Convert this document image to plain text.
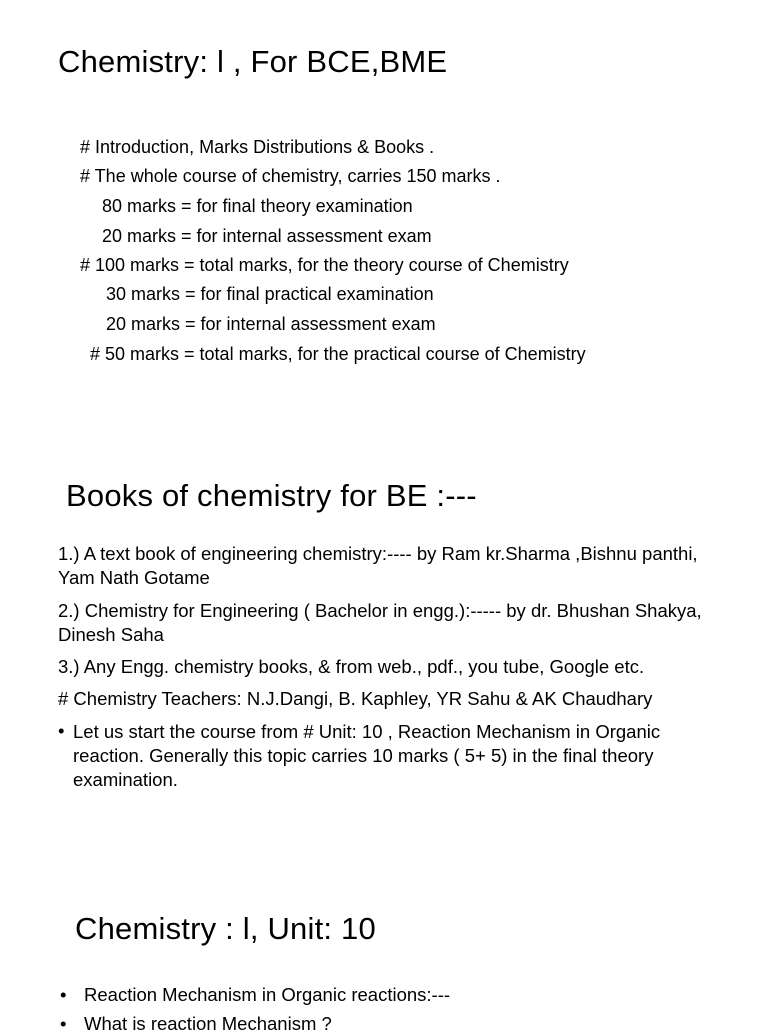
Chemistry: l , For BCE,BME
# Introduction, Marks Distributions & Books .
# The whole course of chemistry, carries 150 marks .
80 marks = for final theory examination
20 marks = for internal assessment exam
# 100 marks = total marks, for the theory course of Chemistry
30 marks = for final practical examination
20 marks = for internal assessment exam
# 50 marks = total marks, for the practical course of Chemistry
Books of chemistry for BE :---
1.) A text book of engineering chemistry:---- by Ram kr.Sharma ,Bishnu panthi, Yam Nath Gotame
2.) Chemistry for Engineering ( Bachelor in engg.):----- by dr. Bhushan Shakya, Dinesh Saha
3.) Any Engg. chemistry books, & from web., pdf., you tube, Google etc.
# Chemistry Teachers: N.J.Dangi, B. Kaphley, YR Sahu & AK Chaudhary
• Let us start the course from # Unit: 10 , Reaction Mechanism in Organic reaction. Generally this topic carries 10 marks ( 5+ 5) in the final theory examination.
Chemistry : l, Unit: 10
• Reaction Mechanism in Organic reactions:---
• What is reaction Mechanism ?
